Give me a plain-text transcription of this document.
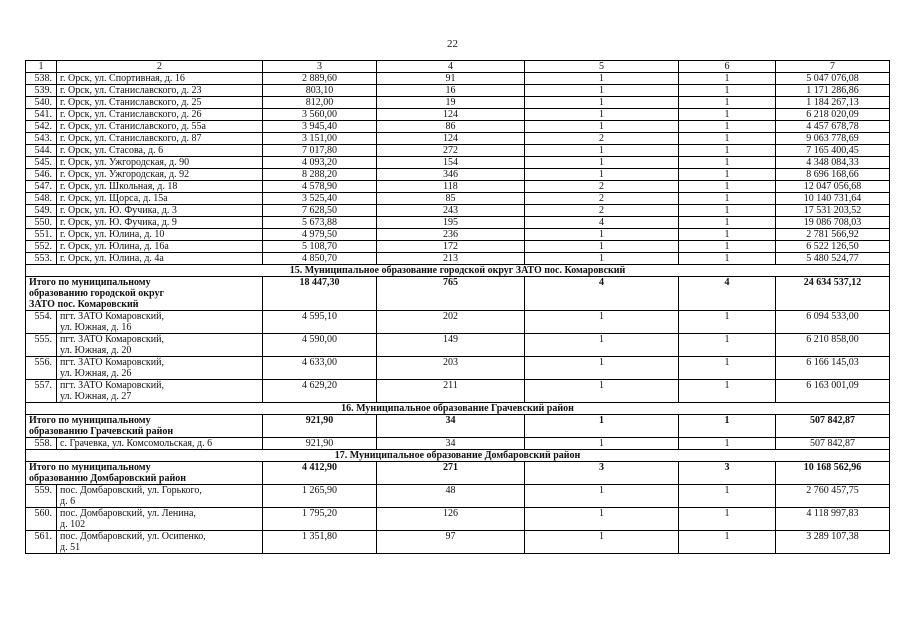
22
1	2	3	4	5	6	7
538.	г. Орск, ул. Спортивная, д. 16	2 889,60	91	1	1	5 047 076,08
539.	г. Орск, ул. Станиславского, д. 23	803,10	16	1	1	1 171 286,86
540.	г. Орск, ул. Станиславского, д. 25	812,00	19	1	1	1 184 267,13
541.	г. Орск, ул. Станиславского, д. 26	3 560,00	124	1	1	6 218 020,09
542.	г. Орск, ул. Станиславского, д. 55а	3 945,40	86	1	1	4 457 678,78
543.	г. Орск, ул. Станиславского, д. 87	3 151,00	124	2	1	9 063 778,69
544.	г. Орск, ул. Стасова, д. 6	7 017,80	272	1	1	7 165 400,45
545.	г. Орск, ул. Ужгородская, д. 90	4 093,20	154	1	1	4 348 084,33
546.	г. Орск, ул. Ужгородская, д. 92	8 288,20	346	1	1	8 696 168,66
547.	г. Орск, ул. Школьная, д. 18	4 578,90	118	2	1	12 047 056,68
548.	г. Орск, ул. Щорса, д. 15а	3 525,40	85	2	1	10 140 731,64
549.	г. Орск, ул. Ю. Фучика, д. 3	7 628,50	243	2	1	17 531 203,52
550.	г. Орск, ул. Ю. Фучика, д. 9	5 673,88	195	4	1	19 086 708,03
551.	г. Орск, ул. Юлина, д. 10	4 979,50	236	1	1	2 781 566,92
552.	г. Орск, ул. Юлина, д. 16а	5 108,70	172	1	1	6 522 126,50
553.	г. Орск, ул. Юлина, д. 4а	4 850,70	213	1	1	5 480 524,77
15. Муниципальное образование городской округ ЗАТО пос. Комаровский						

Итого по муниципальному
образованию городской округ
ЗАТО пос. Комаровский		18 447,30	765	4	4	24 634 537,12
554.	пгт. ЗАТО Комаровский,
ул. Южная, д. 16	4 595,10	202	1	1	6 094 533,00
555.	пгт. ЗАТО Комаровский,
ул. Южная, д. 20	4 590,00	149	1	1	6 210 858,00
556.	пгт. ЗАТО Комаровский,
ул. Южная, д. 26	4 633,00	203	1	1	6 166 145,03
557.	пгт. ЗАТО Комаровский,
ул. Южная, д. 27	4 629,20	211	1	1	6 163 001,09
16. Муниципальное образование Грачевский район						

Итого по муниципальному
образованию Грачевский район		921,90	34	1	1	507 842,87
558.	с. Грачевка, ул. Комсомольская, д. 6	921,90	34	1	1	507 842,87
17. Муниципальное образование Домбаровский район						

Итого по муниципальному
образованию Домбаровский район		4 412,90	271	3	3	10 168 562,96
559.	пос. Домбаровский, ул. Горького,
д. 6	1 265,90	48	1	1	2 760 457,75
560.	пос. Домбаровский, ул. Ленина,
д. 102	1 795,20	126	1	1	4 118 997,83
561.	пос. Домбаровский, ул. Осипенко,
д. 51	1 351,80	97	1	1	3 289 107,38
